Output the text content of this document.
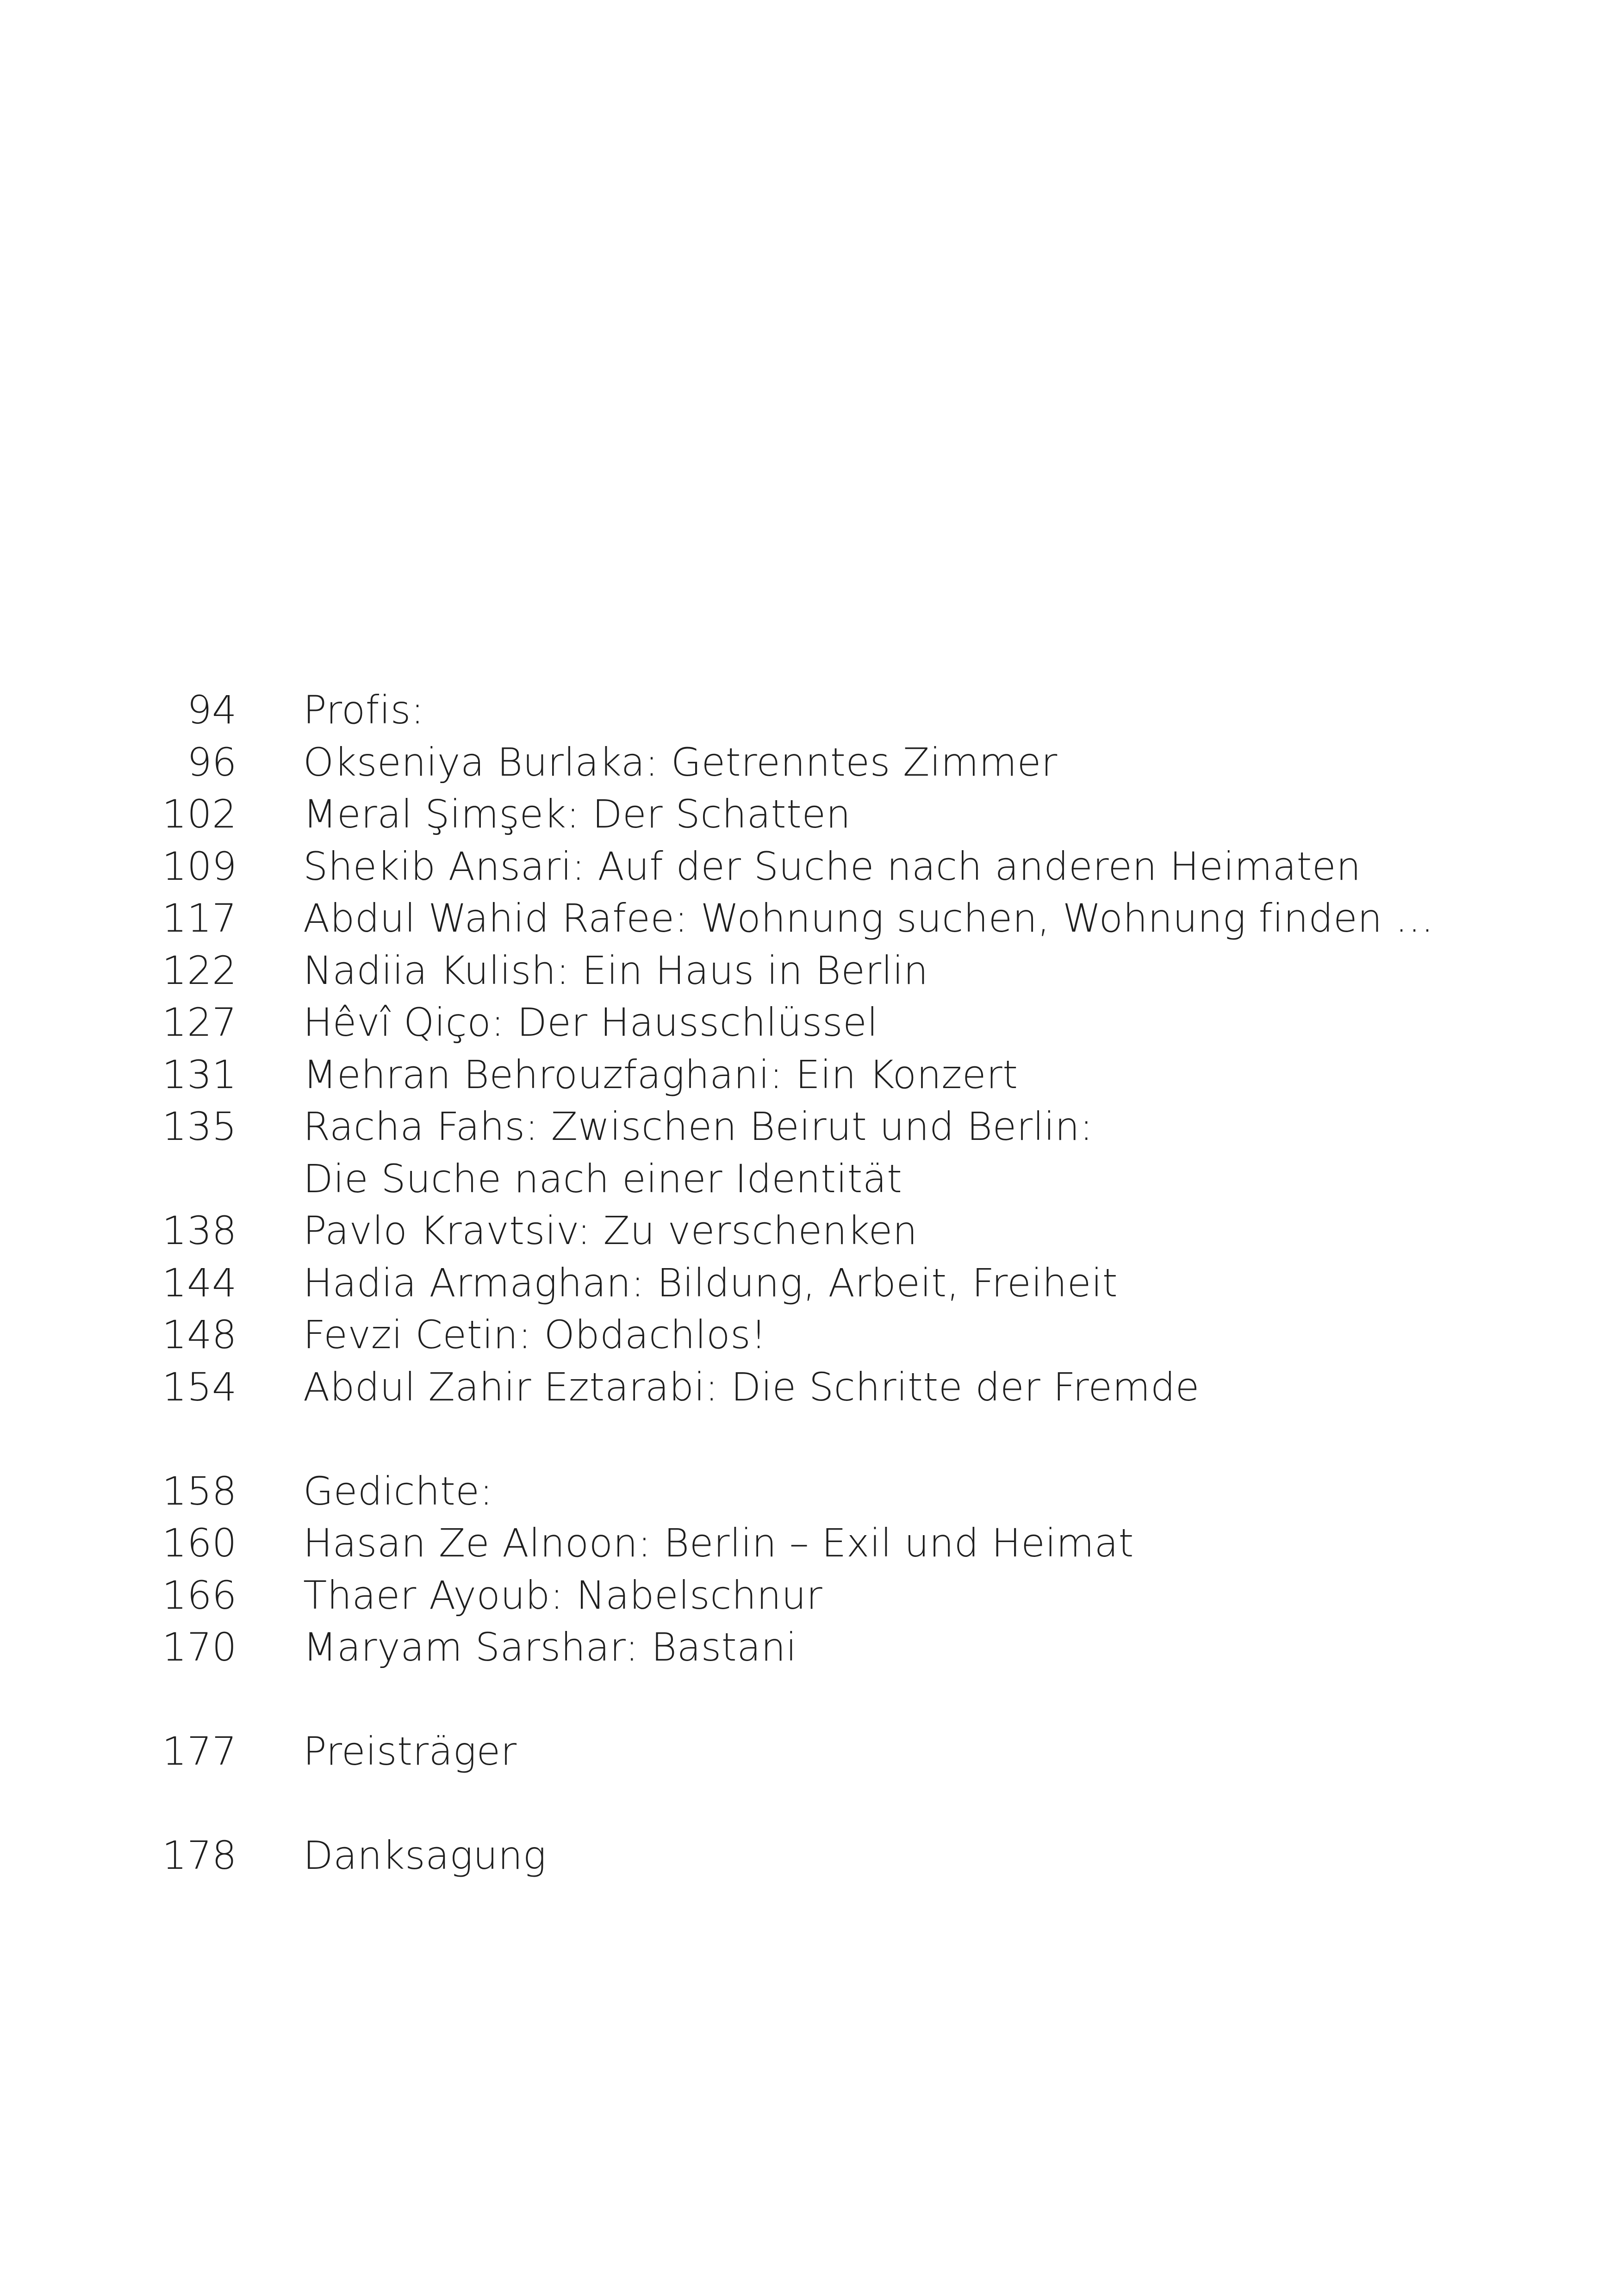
94 Profis:
96 Okseniya Burlaka: Getrenntes Zimmer
102 Meral Şimşek: Der Schatten
109 Shekib Ansari: Auf der Suche nach anderen Heimaten
117 Abdul Wahid Rafee: Wohnung suchen, Wohnung finden …
122 Nadiia Kulish: Ein Haus in Berlin
127 Hêvî Qiço: Der Hausschlüssel
131 Mehran Behrouzfaghani: Ein Konzert
135 Racha Fahs: Zwischen Beirut und Berlin:
Die Suche nach einer Identität
138 Pavlo Kravtsiv: Zu verschenken
144 Hadia Armaghan: Bildung, Arbeit, Freiheit
148 Fevzi Cetin: Obdachlos!
154 Abdul Zahir Eztarabi: Die Schritte der Fremde
158 Gedichte:
160 Hasan Ze Alnoon: Berlin – Exil und Heimat
166 Thaer Ayoub: Nabelschnur
170 Maryam Sarshar: Bastani
177 Preisträger
178 Danksagung
